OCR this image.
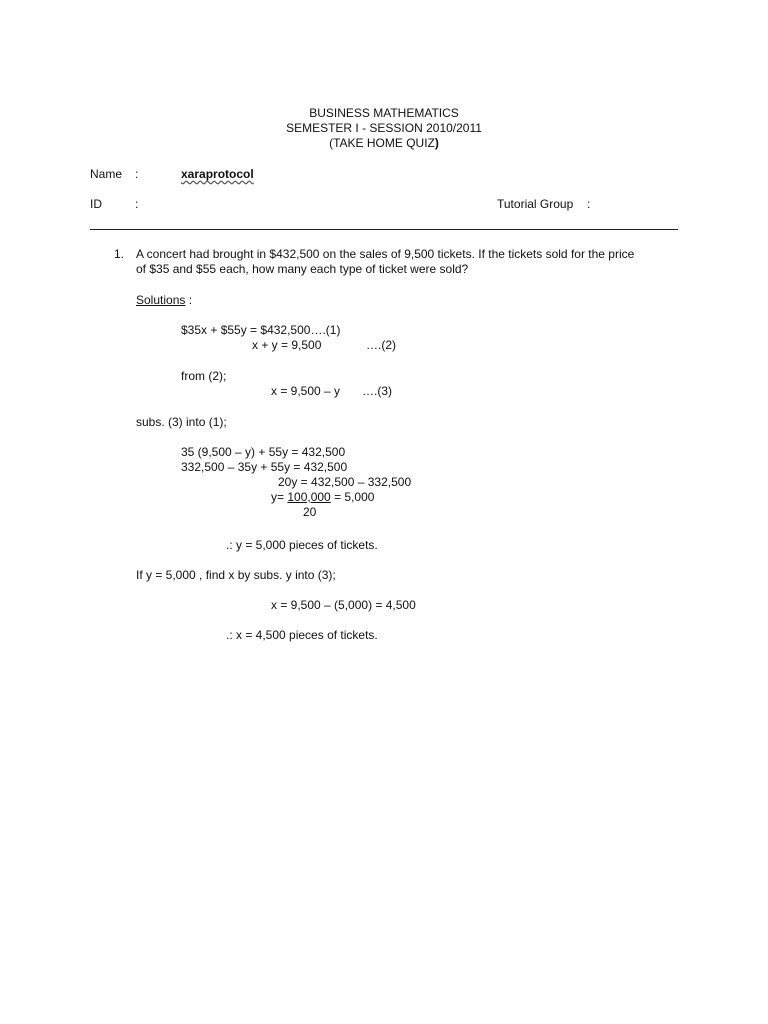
BUSINESS MATHEMATICS
SEMESTER I - SESSION 2010/2011
(TAKE HOME QUIZ)
Name :	xaraprotocol
ID	:	Tutorial Group :
1. A concert had brought in $432,500 on the sales of 9,500 tickets. If the tickets sold for the price
of $35 and $55 each, how many each type of ticket were sold?
Solutions :
$35x + $55y = $432,500….(1)
x + y = 9,500	….(2)
from (2);
x = 9,500 – y ….(3)
subs. (3) into (1);
35 (9,500 – y) + 55y = 432,500
332,500 – 35y + 55y = 432,500
20y = 432,500 – 332,500
y= 100,000 = 5,000
20
.: y = 5,000 pieces of tickets.
If y = 5,000 , find x by subs. y into (3);
x = 9,500 – (5,000) = 4,500
.: x = 4,500 pieces of tickets.
